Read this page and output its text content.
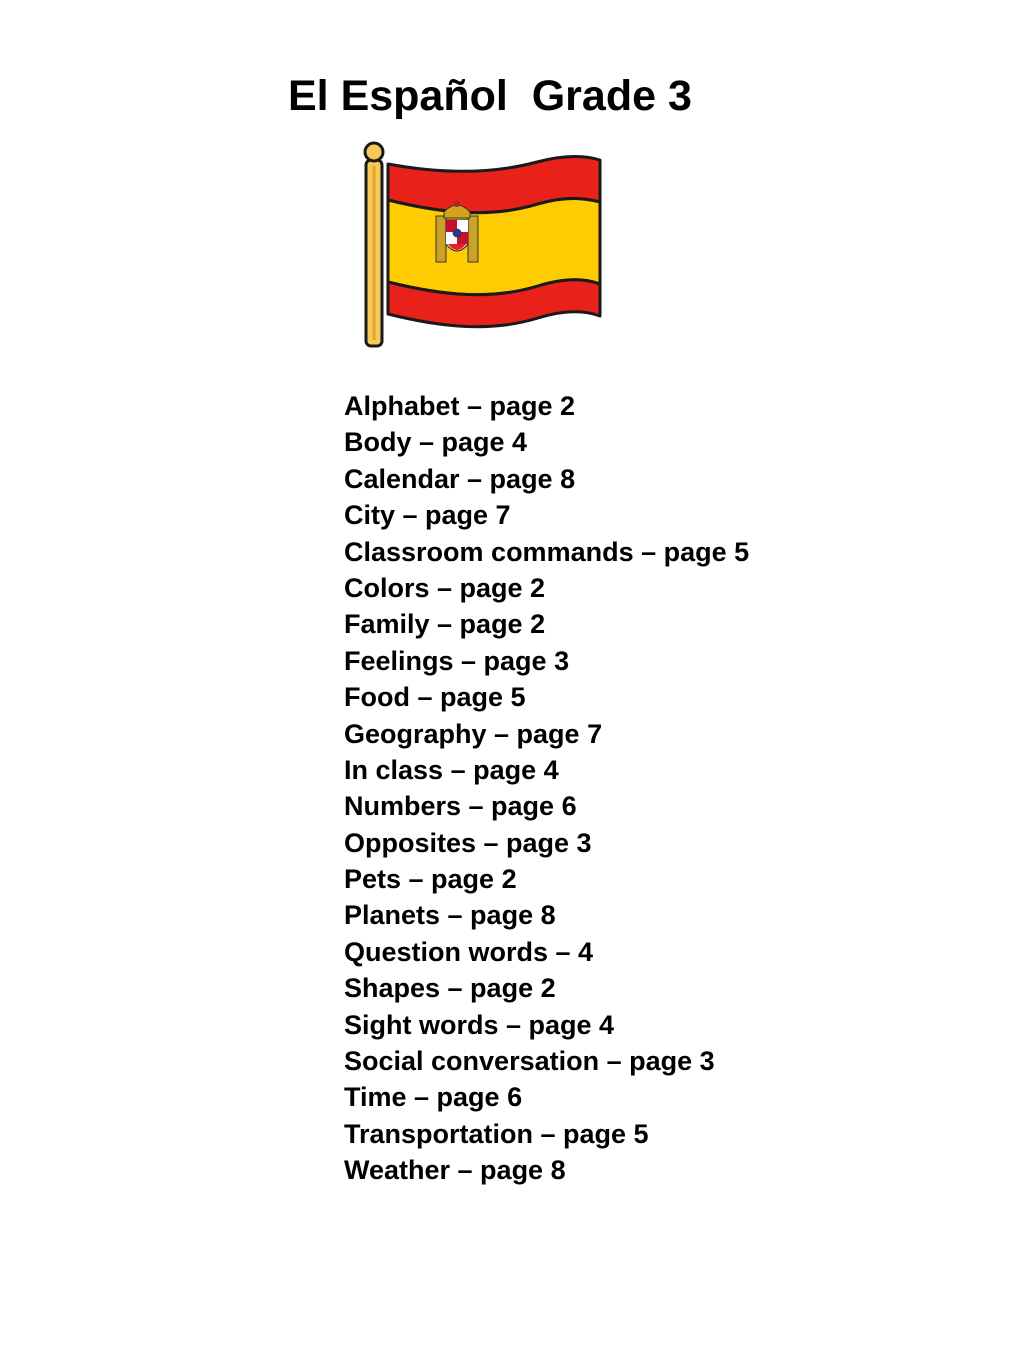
El Español  Grade 3
Alphabet – page 2
Body – page 4
Calendar – page 8
City – page 7
Classroom commands – page 5
Colors – page 2
Family – page 2
Feelings – page 3
Food – page 5
Geography – page 7
In class – page 4
Numbers – page 6
Opposites – page 3
Pets – page 2
Planets – page 8
Question words – 4
Shapes – page 2
Sight words – page 4
Social conversation – page 3
Time – page 6
Transportation – page 5
Weather – page 8
